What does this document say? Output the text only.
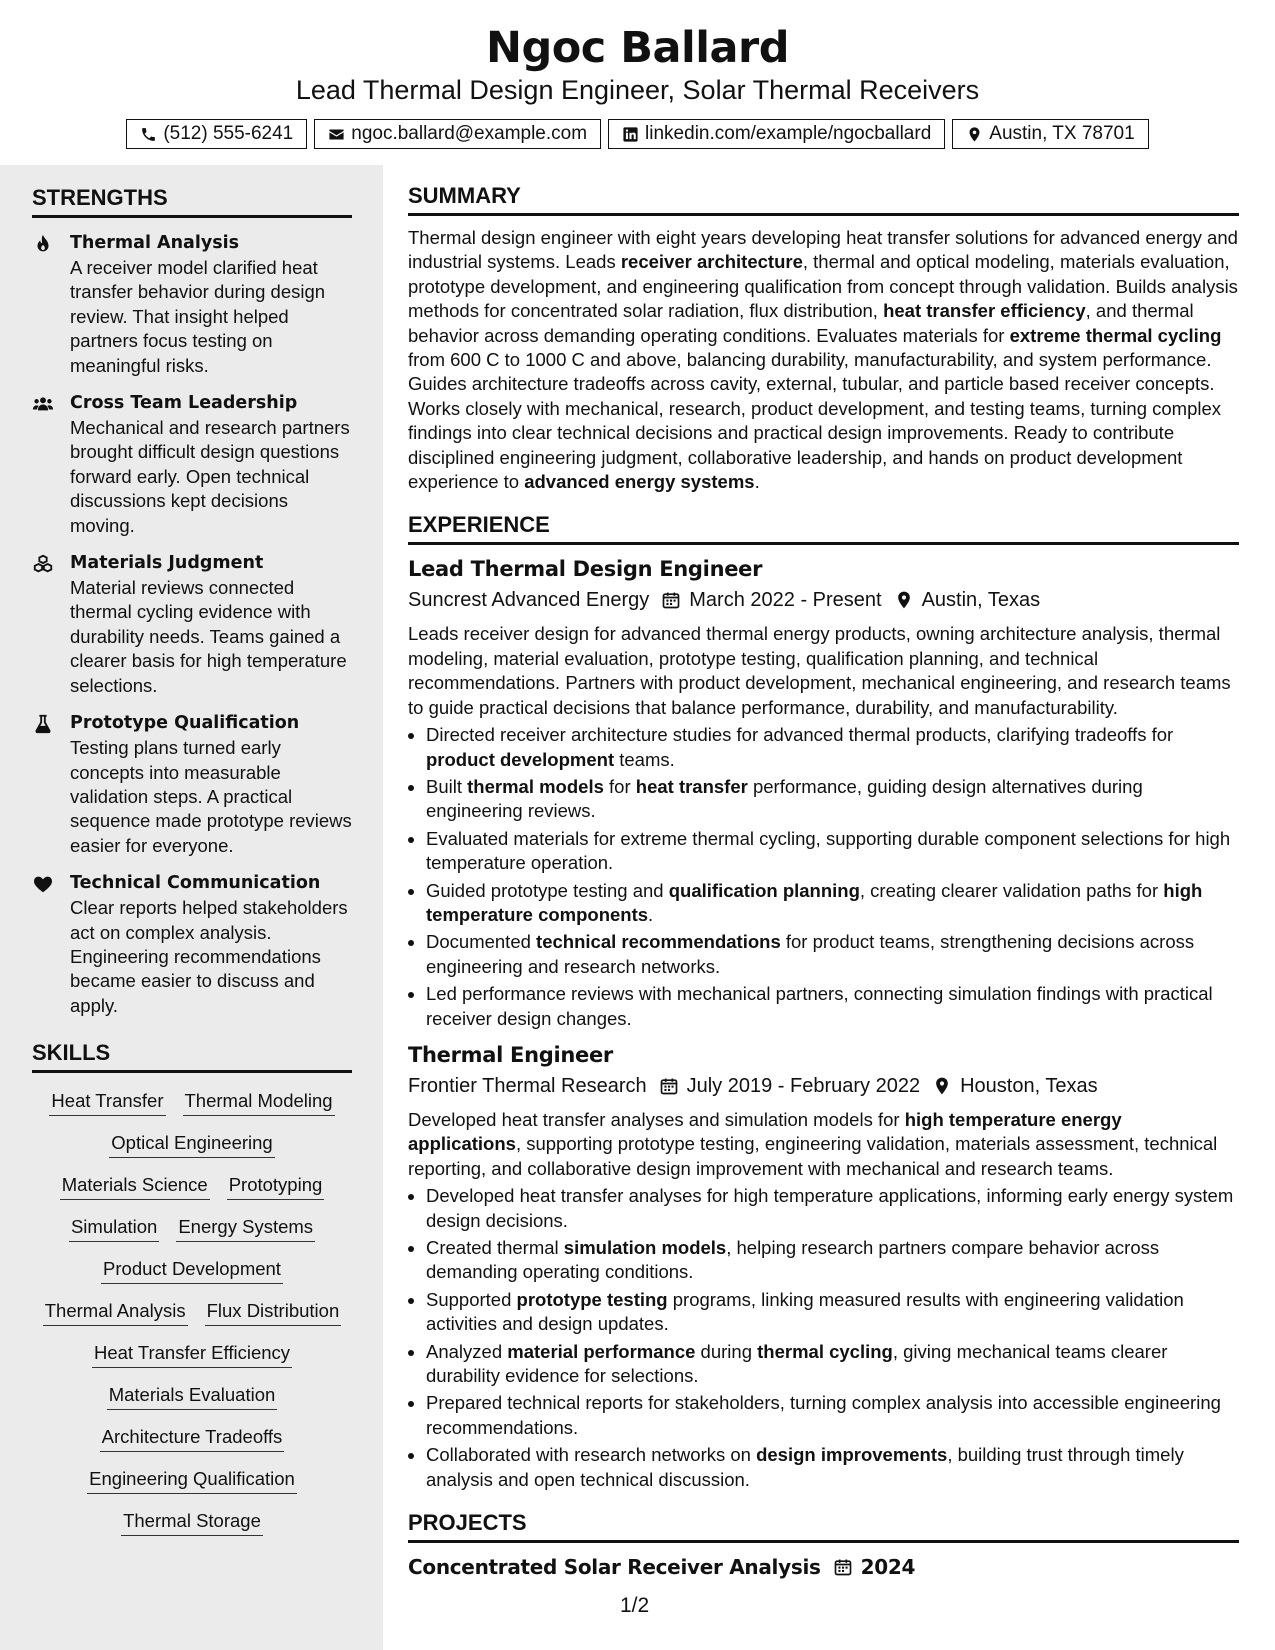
Ngoc Ballard
Lead Thermal Design Engineer, Solar Thermal Receivers
(512) 555-6241	ngoc.ballard@example.com	linkedin.com/example/ngocballard	Austin, TX 78701
STRENGTHS
Thermal Analysis
A receiver model clarified heat transfer behavior during design review. That insight helped partners focus testing on meaningful risks.
Cross Team Leadership
Mechanical and research partners brought difficult design questions forward early. Open technical discussions kept decisions moving.
Materials Judgment
Material reviews connected thermal cycling evidence with durability needs. Teams gained a clearer basis for high temperature selections.
Prototype Qualification
Testing plans turned early concepts into measurable validation steps. A practical sequence made prototype reviews easier for everyone.
Technical Communication
Clear reports helped stakeholders act on complex analysis. Engineering recommendations became easier to discuss and apply.
SKILLS
Heat Transfer Thermal Modeling
Optical Engineering
Materials Science Prototyping
Simulation Energy Systems
Product Development
Thermal Analysis Flux Distribution
Heat Transfer Efficiency
Materials Evaluation
Architecture Tradeoffs
Engineering Qualification
Thermal Storage
SUMMARY
Thermal design engineer with eight years developing heat transfer solutions for advanced energy and industrial systems. Leads receiver architecture, thermal and optical modeling, materials evaluation, prototype development, and engineering qualification from concept through validation. Builds analysis methods for concentrated solar radiation, flux distribution, heat transfer efficiency, and thermal behavior across demanding operating conditions. Evaluates materials for extreme thermal cycling from 600 C to 1000 C and above, balancing durability, manufacturability, and system performance. Guides architecture tradeoffs across cavity, external, tubular, and particle based receiver concepts. Works closely with mechanical, research, product development, and testing teams, turning complex findings into clear technical decisions and practical design improvements. Ready to contribute disciplined engineering judgment, collaborative leadership, and hands on product development experience to advanced energy systems.
EXPERIENCE
Lead Thermal Design Engineer
Suncrest Advanced Energy March 2022 - Present Austin, Texas
Leads receiver design for advanced thermal energy products, owning architecture analysis, thermal modeling, material evaluation, prototype testing, qualification planning, and technical recommendations. Partners with product development, mechanical engineering, and research teams to guide practical decisions that balance performance, durability, and manufacturability.
• Directed receiver architecture studies for advanced thermal products, clarifying tradeoffs for product development teams.
• Built thermal models for heat transfer performance, guiding design alternatives during engineering reviews.
• Evaluated materials for extreme thermal cycling, supporting durable component selections for high temperature operation.
• Guided prototype testing and qualification planning, creating clearer validation paths for high temperature components.
• Documented technical recommendations for product teams, strengthening decisions across engineering and research networks.
• Led performance reviews with mechanical partners, connecting simulation findings with practical receiver design changes.
Thermal Engineer
Frontier Thermal Research July 2019 - February 2022 Houston, Texas
Developed heat transfer analyses and simulation models for high temperature energy applications, supporting prototype testing, engineering validation, materials assessment, technical reporting, and collaborative design improvement with mechanical and research teams.
• Developed heat transfer analyses for high temperature applications, informing early energy system design decisions.
• Created thermal simulation models, helping research partners compare behavior across demanding operating conditions.
• Supported prototype testing programs, linking measured results with engineering validation activities and design updates.
• Analyzed material performance during thermal cycling, giving mechanical teams clearer durability evidence for selections.
• Prepared technical reports for stakeholders, turning complex analysis into accessible engineering recommendations.
• Collaborated with research networks on design improvements, building trust through timely analysis and open technical discussion.
PROJECTS
Concentrated Solar Receiver Analysis 2024
1/2
